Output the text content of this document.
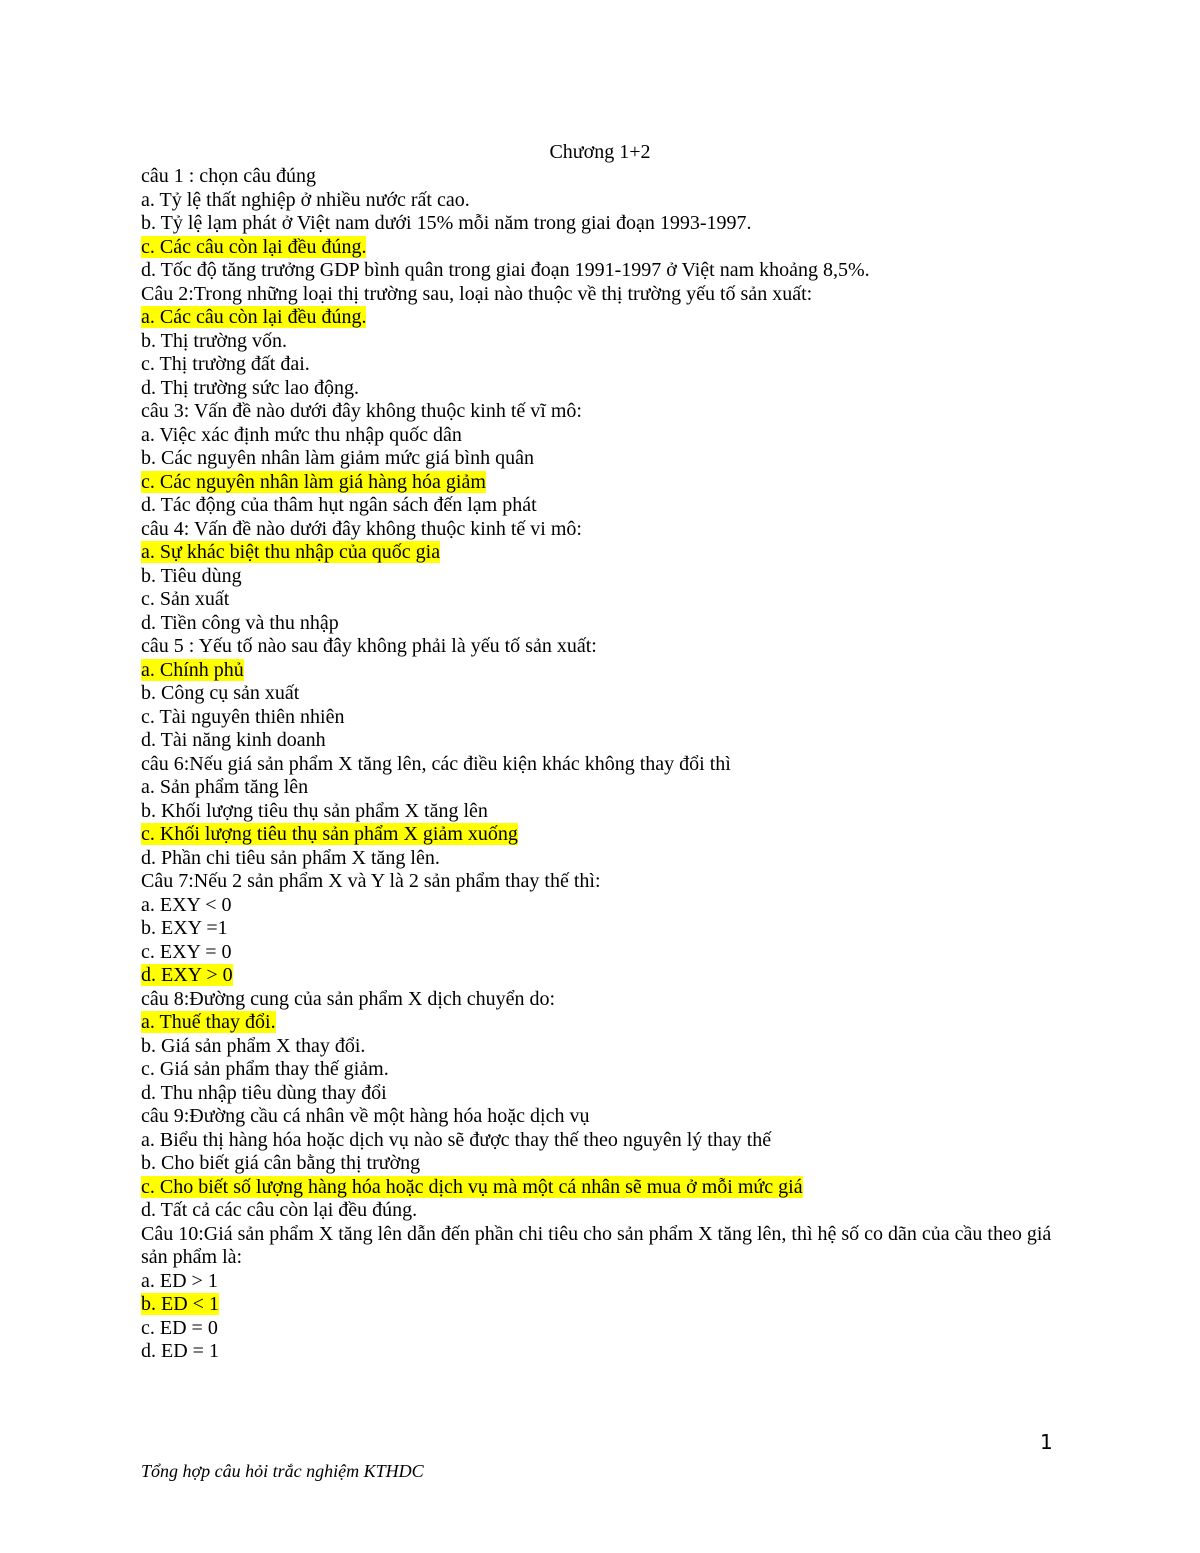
Chương 1+2
câu 1 : chọn câu đúng
a. Tỷ lệ thất nghiệp ở nhiều nước rất cao.
b. Tỷ lệ lạm phát ở Việt nam dưới 15% mỗi năm trong giai đoạn 1993-1997.
c. Các câu còn lại đều đúng.
d. Tốc độ tăng trưởng GDP bình quân trong giai đoạn 1991-1997 ở Việt nam khoảng 8,5%.
Câu 2:Trong những loại thị trường sau, loại nào thuộc về thị trường yếu tố sản xuất:
a. Các câu còn lại đều đúng.
b. Thị trường vốn.
c. Thị trường đất đai.
d. Thị trường sức lao động.
câu 3: Vấn đề nào dưới đây không thuộc kinh tế vĩ mô:
a. Việc xác định mức thu nhập quốc dân
b. Các nguyên nhân làm giảm mức giá bình quân
c. Các nguyên nhân làm giá hàng hóa giảm
d. Tác động của thâm hụt ngân sách đến lạm phát
câu 4: Vấn đề nào dưới đây không thuộc kinh tế vi mô:
a. Sự khác biệt thu nhập của quốc gia
b. Tiêu dùng
c. Sản xuất
d. Tiền công và thu nhập
câu 5 : Yếu tố nào sau đây không phải là yếu tố sản xuất:
a. Chính phủ
b. Công cụ sản xuất
c. Tài nguyên thiên nhiên
d. Tài năng kinh doanh
câu 6:Nếu giá sản phẩm X tăng lên, các điều kiện khác không thay đổi thì
a. Sản phẩm tăng lên
b. Khối lượng tiêu thụ sản phẩm X tăng lên
c. Khối lượng tiêu thụ sản phẩm X giảm xuống
d. Phần chi tiêu sản phẩm X tăng lên.
Câu 7:Nếu 2 sản phẩm X và Y là 2 sản phẩm thay thế thì:
a. EXY < 0
b. EXY =1
c. EXY = 0
d. EXY > 0
câu 8:Đường cung của sản phẩm X dịch chuyển do:
a. Thuế thay đổi.
b. Giá sản phẩm X thay đổi.
c. Giá sản phẩm thay thế giảm.
d. Thu nhập tiêu dùng thay đổi
câu 9:Đường cầu cá nhân về một hàng hóa hoặc dịch vụ
a. Biểu thị hàng hóa hoặc dịch vụ nào sẽ được thay thế theo nguyên lý thay thế
b. Cho biết giá cân bằng thị trường
c. Cho biết số lượng hàng hóa hoặc dịch vụ mà một cá nhân sẽ mua ở mỗi mức giá
d. Tất cả các câu còn lại đều đúng.
Câu 10:Giá sản phẩm X tăng lên dẫn đến phần chi tiêu cho sản phẩm X tăng lên, thì hệ số co dãn của cầu theo giá sản phẩm là:
a. ED > 1
b. ED < 1
c. ED = 0
d. ED = 1
1
Tổng hợp câu hỏi trắc nghiệm KTHDC
